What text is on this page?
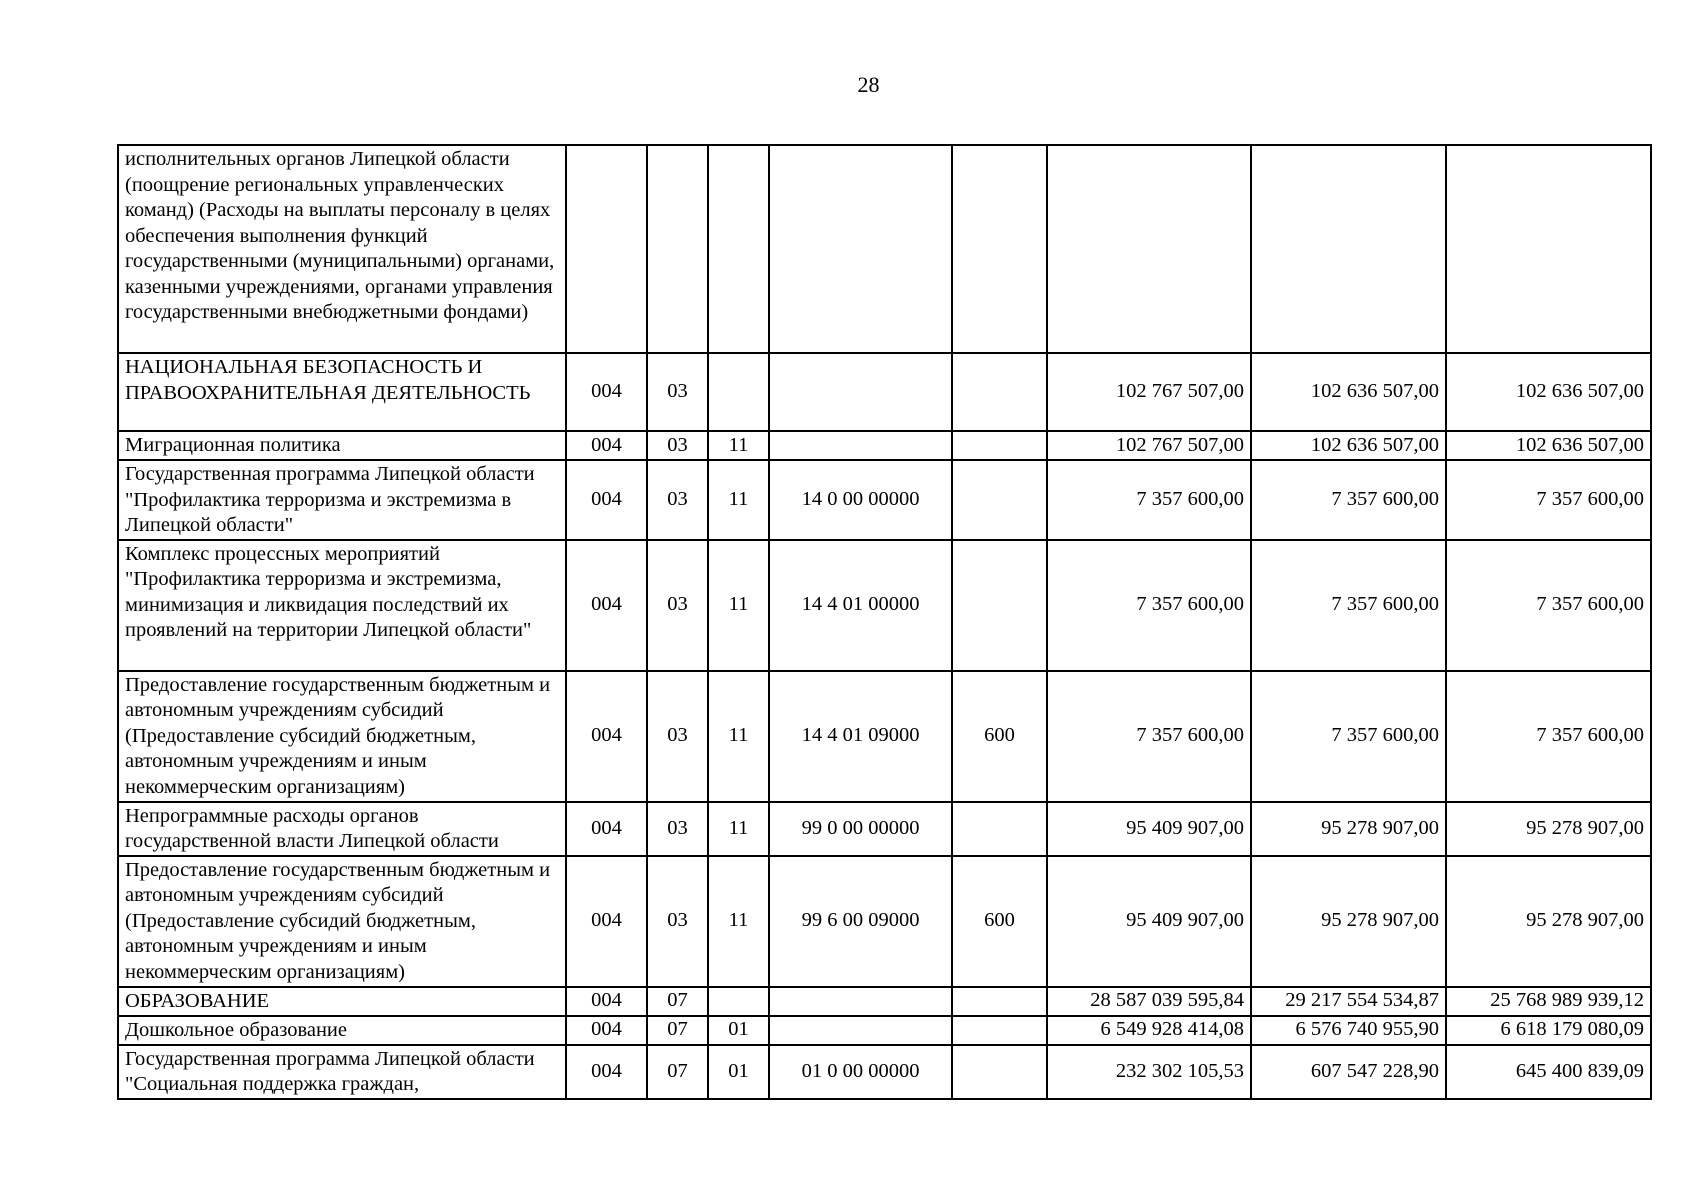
28
исполнительных органов Липецкой области (поощрение региональных управленческих команд) (Расходы на выплаты персоналу в целях обеспечения выполнения функций государственными (муниципальными) органами, казенными учреждениями, органами управления государственными внебюджетными фондами)								
НАЦИОНАЛЬНАЯ БЕЗОПАСНОСТЬ И ПРАВООХРАНИТЕЛЬНАЯ ДЕЯТЕЛЬНОСТЬ	004	03				102 767 507,00	102 636 507,00	102 636 507,00
Миграционная политика	004	03	11			102 767 507,00	102 636 507,00	102 636 507,00
Государственная программа Липецкой области "Профилактика терроризма и экстремизма в Липецкой области"	004	03	11	14 0 00 00000		7 357 600,00	7 357 600,00	7 357 600,00
Комплекс процессных мероприятий "Профилактика терроризма и экстремизма, минимизация и ликвидация последствий их проявлений на территории Липецкой области"	004	03	11	14 4 01 00000		7 357 600,00	7 357 600,00	7 357 600,00
Предоставление государственным бюджетным и автономным учреждениям субсидий (Предоставление субсидий бюджетным, автономным учреждениям и иным некоммерческим организациям)	004	03	11	14 4 01 09000	600	7 357 600,00	7 357 600,00	7 357 600,00
Непрограммные расходы органов государственной власти Липецкой области	004	03	11	99 0 00 00000		95 409 907,00	95 278 907,00	95 278 907,00
Предоставление государственным бюджетным и автономным учреждениям субсидий (Предоставление субсидий бюджетным, автономным учреждениям и иным некоммерческим организациям)	004	03	11	99 6 00 09000	600	95 409 907,00	95 278 907,00	95 278 907,00
ОБРАЗОВАНИЕ	004	07				28 587 039 595,84	29 217 554 534,87	25 768 989 939,12
Дошкольное образование	004	07	01			6 549 928 414,08	6 576 740 955,90	6 618 179 080,09
Государственная программа Липецкой области "Социальная поддержка граждан,	004	07	01	01 0 00 00000		232 302 105,53	607 547 228,90	645 400 839,09
